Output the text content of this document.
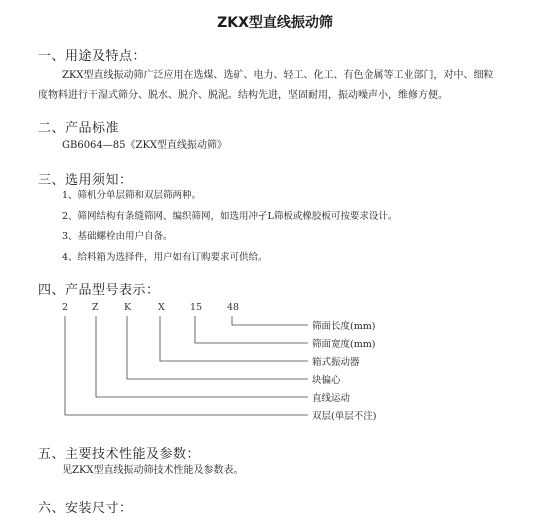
ZKX型直线振动筛
一、用途及特点：
ZKX型直线振动筛广泛应用在选煤、选矿、电力、轻工、化工、有色金属等工业部门，对中、细粒
度物料进行干湿式筛分、脱水、脱介、脱泥。结构先进，坚固耐用，振动噪声小，维修方便。
二、产品标准
GB6064—85《ZKX型直线振动筛》
三、选用须知：
1、筛机分单层筛和双层筛两种。
2、筛网结构有条缝筛网、编织筛网，如选用冲孑L筛板或橡胶板可按要求设计。
3、基础螺栓由用户自备。
4、给料箱为选择件，用户如有订购要求可供给。
四、产品型号表示：
2	Z	K	X	15	48
筛面长度(mm)
筛面宽度(mm)
箱式振动器
块偏心
直线运动
双层(单层不注)
五、主要技术性能及参数：
见ZKX型直线振动筛技术性能及参数表。
六、安装尺寸：
